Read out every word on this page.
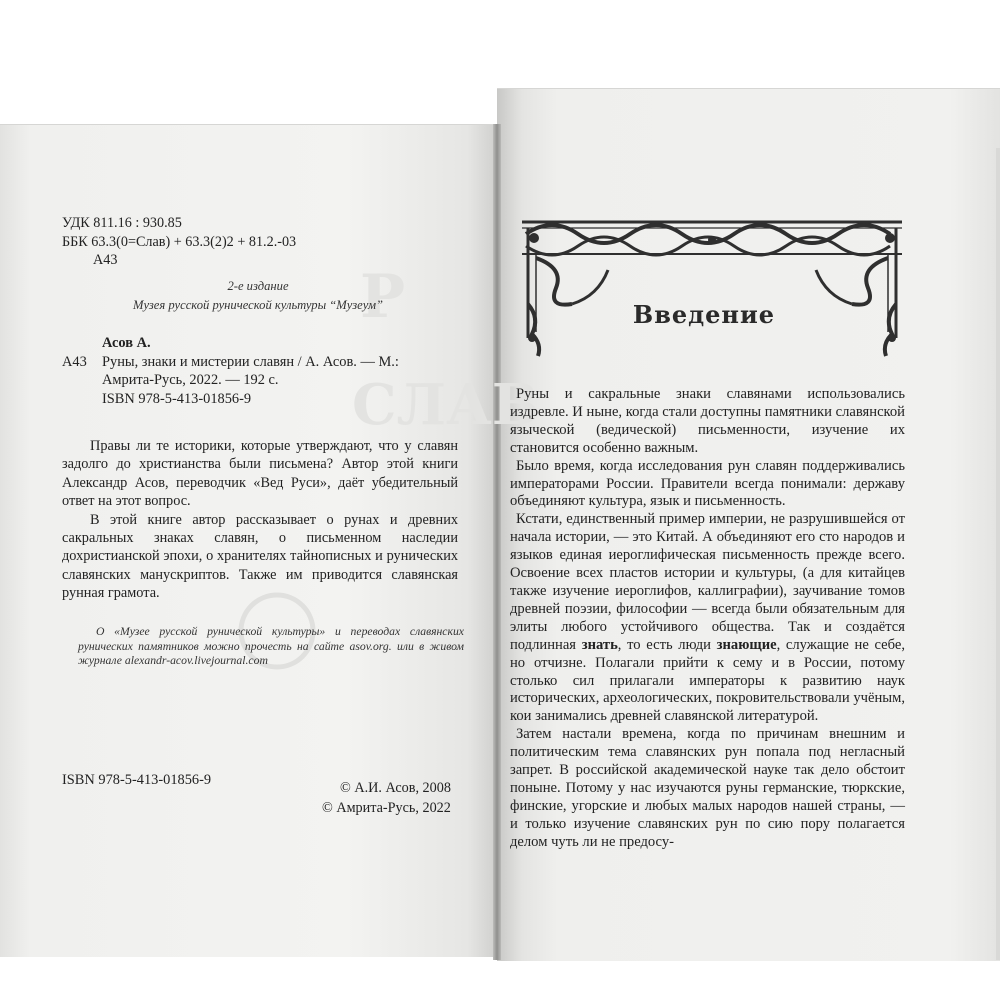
Р
СЛАВ
УДК 811.16 : 930.85
ББК 63.3(0=Слав) + 63.3(2)2 + 81.2.-03
А43
2-е издание
Музея русской рунической культуры “Музеум”
Асов А.
А43 Руны, знаки и мистерии славян / А. Асов. — М.:
Амрита-Русь, 2022. — 192 с.
ISBN 978-5-413-01856-9

Правы ли те историки, которые утверждают, что у славян задолго до христианства были письмена? Автор этой книги Александр Асов, переводчик «Вед Руси», даёт убедительный ответ на этот вопрос.

В этой книге автор рассказывает о рунах и древних сакральных знаках славян, о письменном наследии дохристианской эпохи, о хранителях тайнописных и рунических славянских манускриптов. Также им приводится славянская рунная грамота.

О «Музее русской рунической культуры» и переводах славянских рунических памятников можно прочесть на сайте asov.org. или в живом журнале alexandr-acov.livejournal.com

ISBN 978-5-413-01856-9	© А.И. Асов, 2008
© Амрита-Русь, 2022
Введение

Руны и сакральные знаки славянами использовались издревле. И ныне, когда стали доступны памятники славянской языческой (ведической) письменности, изучение их становится особенно важным.

Было время, когда исследования рун славян поддерживались императорами России. Правители всегда понимали: державу объединяют культура, язык и письменность.

Кстати, единственный пример империи, не разрушившейся от начала истории, — это Китай. А объединяют его сто народов и языков единая иероглифическая письменность прежде всего. Освоение всех пластов истории и культуры, (а для китайцев также изучение иероглифов, каллиграфии), заучивание томов древней поэзии, философии — всегда были обязательным для элиты любого устойчивого общества. Так и создаётся подлинная знать, то есть люди знающие, служащие не себе, но отчизне. Полагали прийти к сему и в России, потому столько сил прилагали императоры к развитию наук исторических, археологических, покровительствовали учёным, кои занимались древней славянской литературой.

Затем настали времена, когда по причинам внешним и политическим тема славянских рун попала под негласный запрет. В российской академической науке так дело обстоит поныне. Потому у нас изучаются руны германские, тюркские, финские, угорские и любых малых народов нашей страны, — и только изучение славянских рун по сию пору полагается делом чуть ли не предосу-
